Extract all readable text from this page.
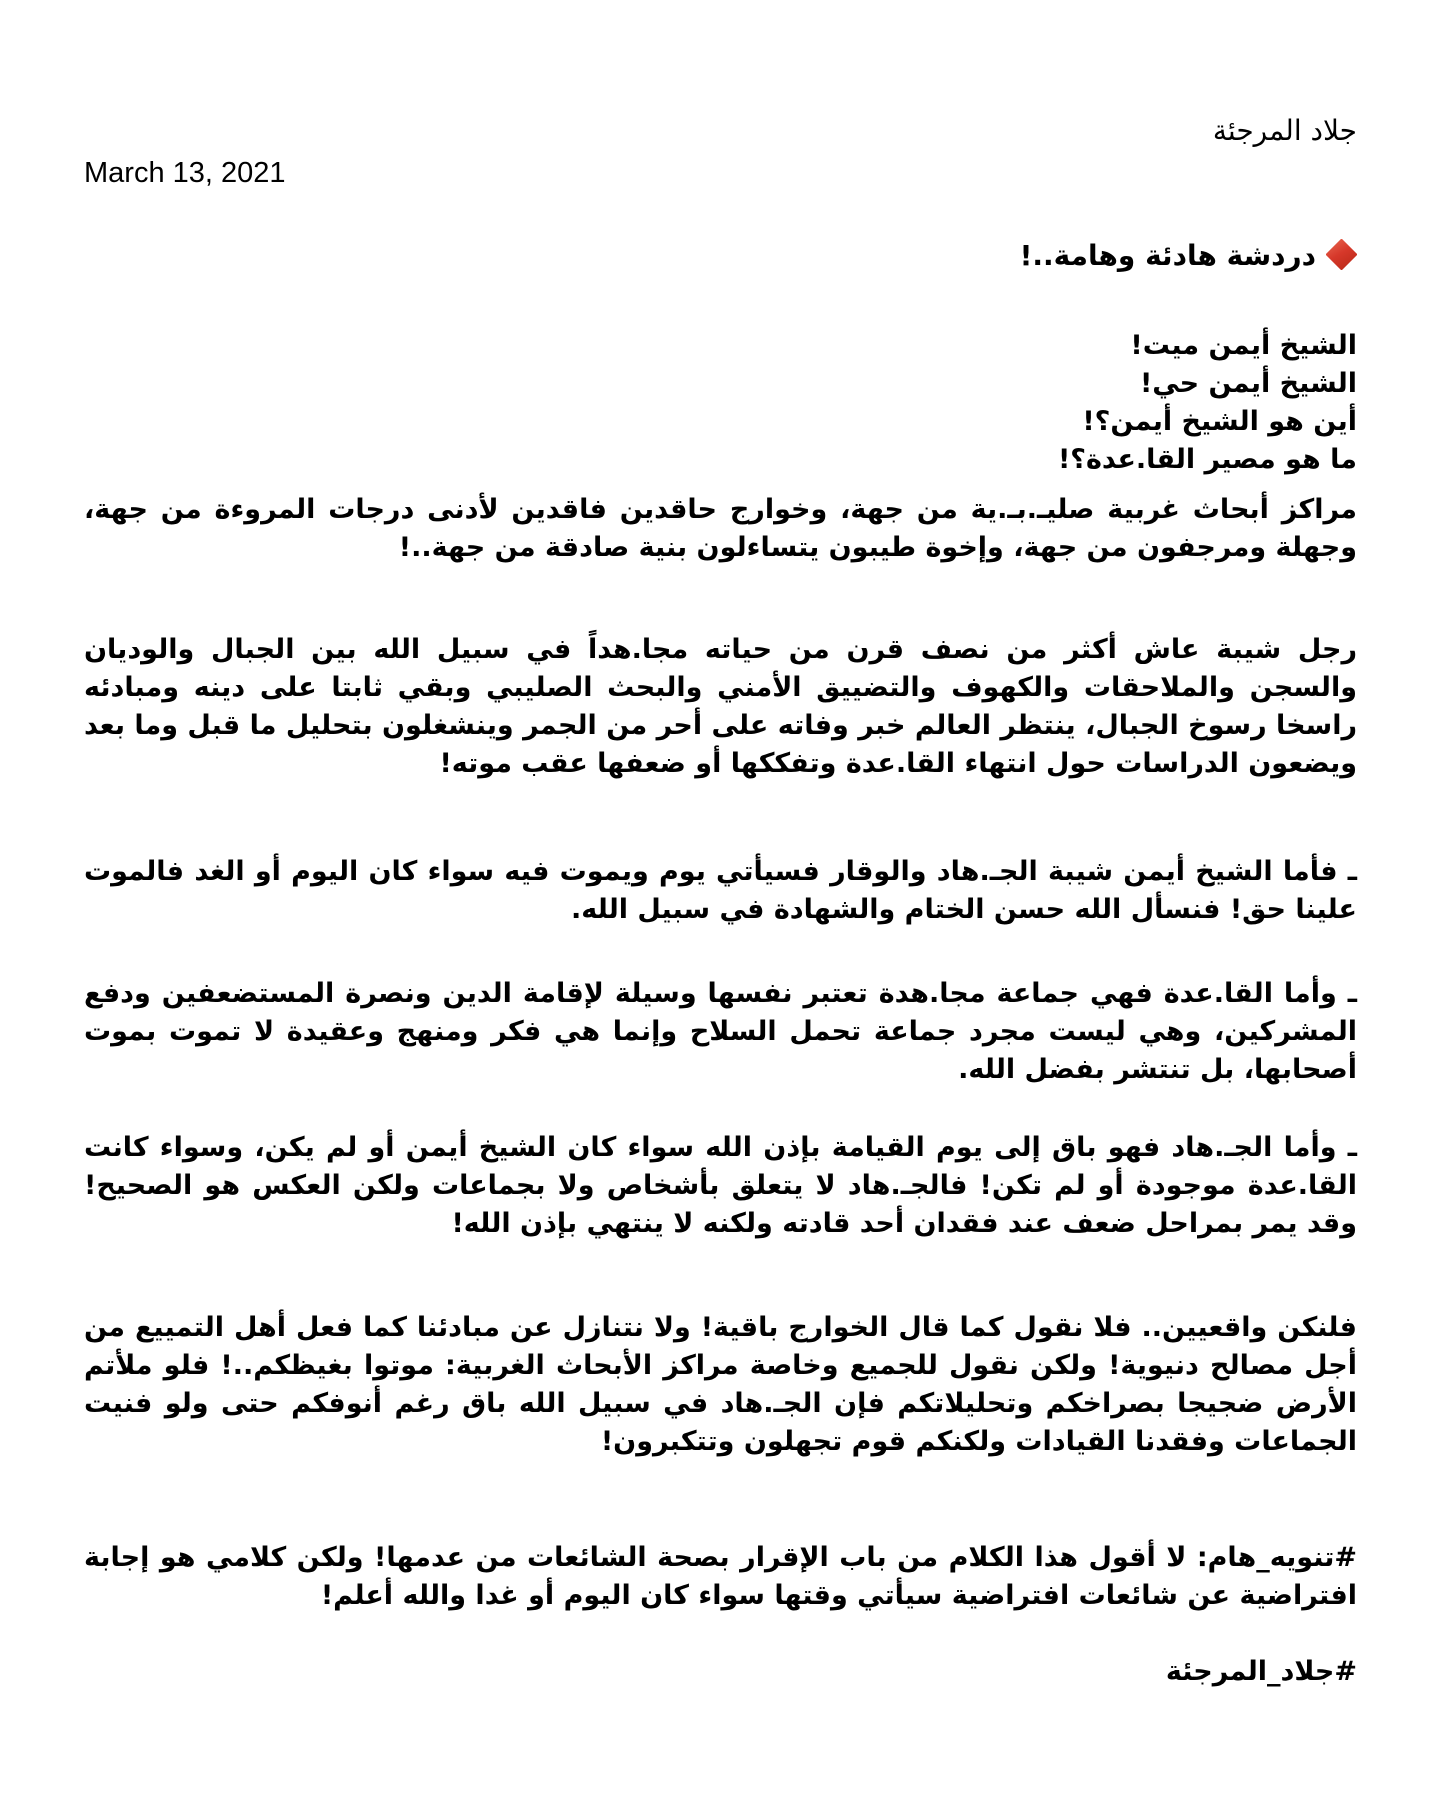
جلاد المرجئة
March 13, 2021
دردشة هادئة وهامة..!
الشيخ أيمن ميت!
الشيخ أيمن حي!
أين هو الشيخ أيمن؟!
ما هو مصير القا.عدة؟!

مراكز أبحاث غربية صليـ.بـ.ية من جهة، وخوارج حاقدين فاقدين لأدنى درجات المروءة من جهة، وجهلة ومرجفون من جهة، وإخوة طيبون يتساءلون بنية صادقة من جهة..!

رجل شيبة عاش أكثر من نصف قرن من حياته مجا.هداً في سبيل الله بين الجبال والوديان والسجن والملاحقات والكهوف والتضييق الأمني والبحث الصليبي وبقي ثابتا على دينه ومبادئه راسخا رسوخ الجبال، ينتظر العالم خبر وفاته على أحر من الجمر وينشغلون بتحليل ما قبل وما بعد ويضعون الدراسات حول انتهاء القا.عدة وتفككها أو ضعفها عقب موته!

ـ فأما الشيخ أيمن شيبة الجـ.هاد والوقار فسيأتي يوم ويموت فيه سواء كان اليوم أو الغد فالموت علينا حق! فنسأل الله حسن الختام والشهادة في سبيل الله.

ـ وأما القا.عدة فهي جماعة مجا.هدة تعتبر نفسها وسيلة لإقامة الدين ونصرة المستضعفين ودفع المشركين، وهي ليست مجرد جماعة تحمل السلاح وإنما هي فكر ومنهج وعقيدة لا تموت بموت أصحابها، بل تنتشر بفضل الله.

ـ وأما الجـ.هاد فهو باق إلى يوم القيامة بإذن الله سواء كان الشيخ أيمن أو لم يكن، وسواء كانت القا.عدة موجودة أو لم تكن! فالجـ.هاد لا يتعلق بأشخاص ولا بجماعات ولكن العكس هو الصحيح! وقد يمر بمراحل ضعف عند فقدان أحد قادته ولكنه لا ينتهي بإذن الله!

فلنكن واقعيين.. فلا نقول كما قال الخوارج باقية! ولا نتنازل عن مبادئنا كما فعل أهل التمييع من أجل مصالح دنيوية! ولكن نقول للجميع وخاصة مراكز الأبحاث الغربية: موتوا بغيظكم..! فلو ملأتم الأرض ضجيجا بصراخكم وتحليلاتكم فإن الجـ.هاد في سبيل الله باق رغم أنوفكم حتى ولو فنيت الجماعات وفقدنا القيادات ولكنكم قوم تجهلون وتتكبرون!

#تنويه_هام: لا أقول هذا الكلام من باب الإقرار بصحة الشائعات من عدمها! ولكن كلامي هو إجابة افتراضية عن شائعات افتراضية سيأتي وقتها سواء كان اليوم أو غدا والله أعلم!

#جلاد_المرجئة
